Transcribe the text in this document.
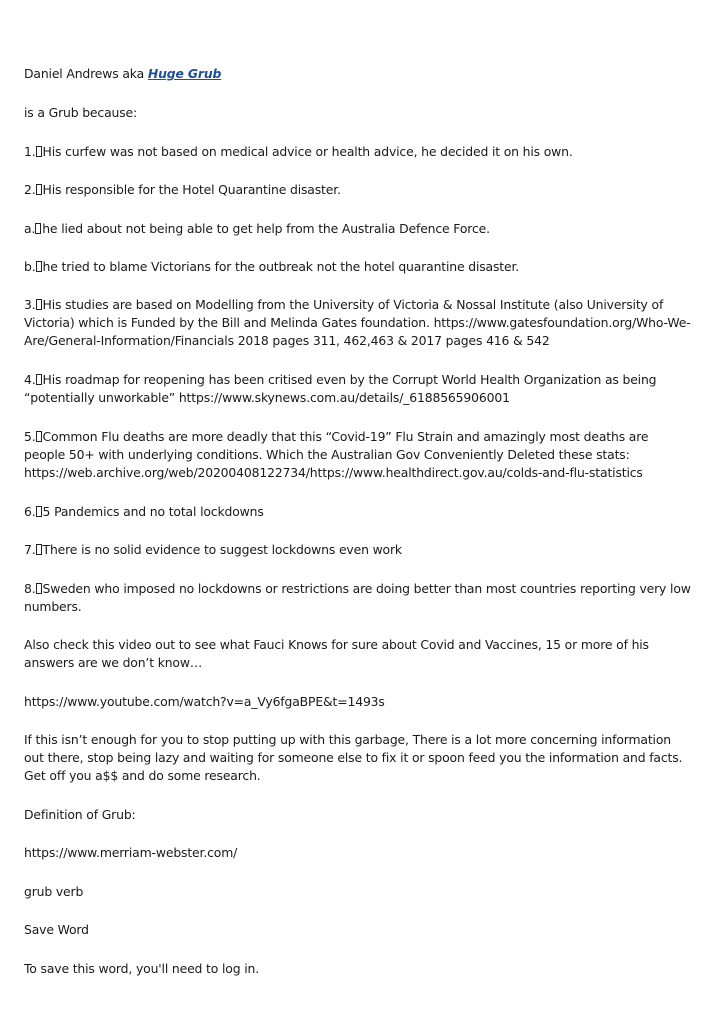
Daniel Andrews aka Huge Grub

is a Grub because:

1. His curfew was not based on medical advice or health advice, he decided it on his own.

2. His responsible for the Hotel Quarantine disaster.

a. he lied about not being able to get help from the Australia Defence Force.

b. he tried to blame Victorians for the outbreak not the hotel quarantine disaster.

3. His studies are based on Modelling from the University of Victoria & Nossal Institute (also University of Victoria) which is Funded by the Bill and Melinda Gates foundation. https://www.gatesfoundation.org/Who-We-Are/General-Information/Financials 2018 pages 311, 462,463 & 2017 pages 416 & 542

4. His roadmap for reopening has been critised even by the Corrupt World Health Organization as being “potentially unworkable” https://www.skynews.com.au/details/_6188565906001

5. Common Flu deaths are more deadly that this “Covid-19” Flu Strain and amazingly most deaths are people 50+ with underlying conditions. Which the Australian Gov Conveniently Deleted these stats: https://web.archive.org/web/20200408122734/https://www.healthdirect.gov.au/colds-and-flu-statistics

6. 5 Pandemics and no total lockdowns

7. There is no solid evidence to suggest lockdowns even work

8. Sweden who imposed no lockdowns or restrictions are doing better than most countries reporting very low numbers.

Also check this video out to see what Fauci Knows for sure about Covid and Vaccines, 15 or more of his answers are we don’t know…

https://www.youtube.com/watch?v=a_Vy6fgaBPE&t=1493s

If this isn’t enough for you to stop putting up with this garbage, There is a lot more concerning information out there, stop being lazy and waiting for someone else to fix it or spoon feed you the information and facts. Get off you a$$ and do some research.

Definition of Grub:

https://www.merriam-webster.com/

grub verb

Save Word

To save this word, you'll need to log in.
